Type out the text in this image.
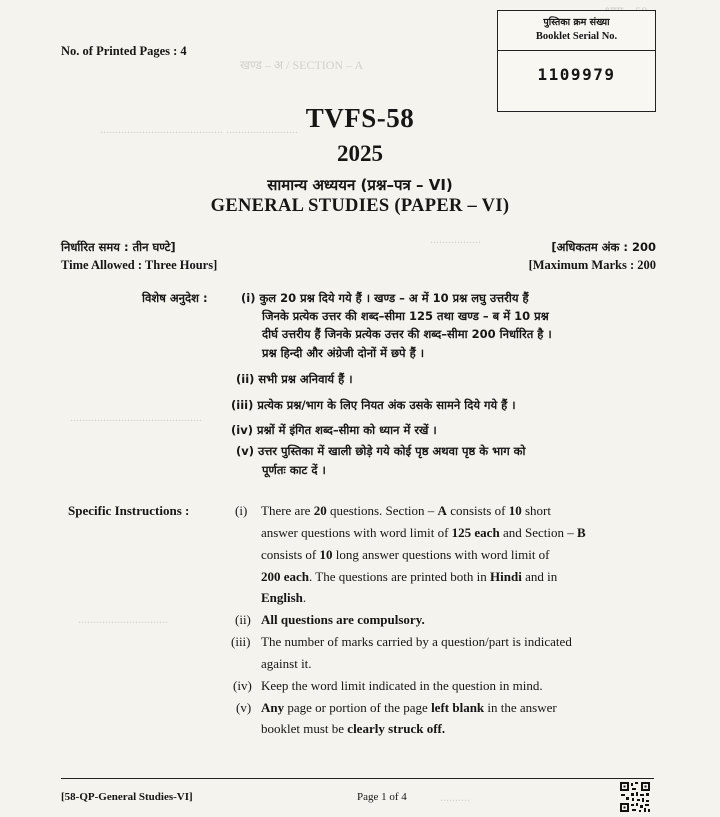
खण्ड – अ / SECTION – A
......................................... ........................
.................
............................................
..............................
..........
पुस्तिका क्रम संख्या
Booklet Serial No.
1109979
No. of Printed Pages : 4
TVFS-58
2025
सामान्य अध्ययन (प्रश्न–पत्र – VI)
GENERAL STUDIES (PAPER – VI)
निर्धारित समय : तीन घण्टे]
Time Allowed : Three Hours]
[अधिकतम अंक : 200
[Maximum Marks : 200
विशेष अनुदेश :	(i) कुल 20 प्रश्न दिये गये हैं । खण्ड – अ में 10 प्रश्न लघु उत्तरीय हैं
जिनके प्रत्येक उत्तर की शब्द–सीमा 125 तथा खण्ड – ब में 10 प्रश्न
दीर्घ उत्तरीय हैं जिनके प्रत्येक उत्तर की शब्द–सीमा 200 निर्धारित है ।
प्रश्न हिन्दी और अंग्रेजी दोनों में छपे हैं ।
(ii) सभी प्रश्न अनिवार्य हैं ।
(iii) प्रत्येक प्रश्न/भाग के लिए नियत अंक उसके सामने दिये गये हैं ।
(iv) प्रश्नों में इंगित शब्द–सीमा को ध्यान में रखें ।
(v) उत्तर पुस्तिका में खाली छोड़े गये कोई पृष्ठ अथवा पृष्ठ के भाग को
पूर्णतः काट दें ।
Specific Instructions :	(i) There are 20 questions. Section – A consists of 10 short
answer questions with word limit of 125 each and Section – B
consists of 10 long answer questions with word limit of
200 each. The questions are printed both in Hindi and in
English.
(ii) All questions are compulsory.
(iii) The number of marks carried by a question/part is indicated
against it.
(iv) Keep the word limit indicated in the question in mind.
(v) Any page or portion of the page left blank in the answer
booklet must be clearly struck off.
[58-QP-General Studies-VI]	Page 1 of 4
